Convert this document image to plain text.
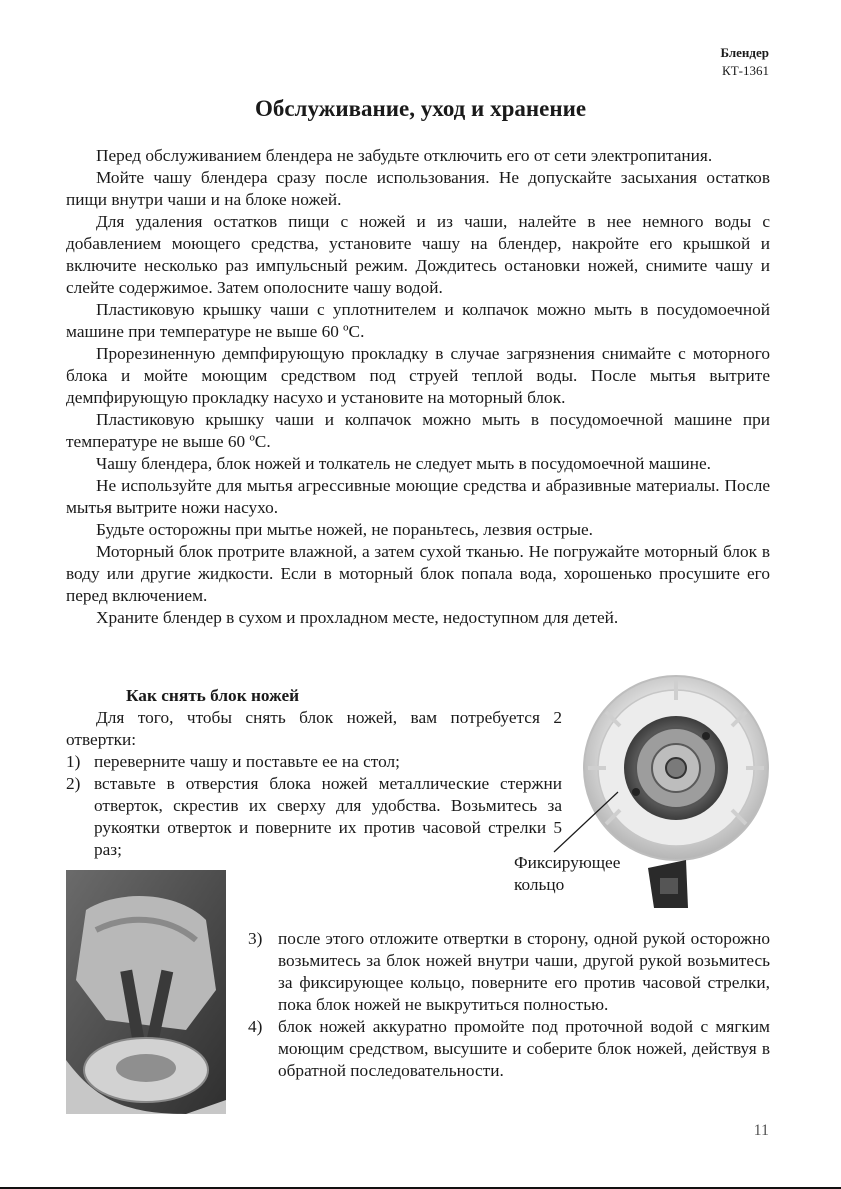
Блендер
КТ-1361
Обслуживание, уход и хранение

Перед обслуживанием блендера не забудьте отключить его от сети электропитания.

Мойте чашу блендера сразу после использования. Не допускайте засыхания остатков пищи внутри чаши и на блоке ножей.

Для удаления остатков пищи с ножей и из чаши, налейте в нее немного воды с добавлением моющего средства, установите чашу на блендер, накройте его крышкой и включите несколько раз импульсный режим. Дождитесь остановки ножей, снимите чашу и слейте содержимое. Затем ополосните чашу водой.

Пластиковую крышку чаши с уплотнителем и колпачок можно мыть в посудомоечной машине при температуре не выше 60 ºС.

Прорезиненную демпфирующую прокладку в случае загрязнения снимайте с моторного блока и мойте моющим средством под струей теплой воды. После мытья вытрите демпфирующую прокладку насухо и установите на моторный блок.

Пластиковую крышку чаши и колпачок можно мыть в посудомоечной машине при температуре не выше 60 ºС.

Чашу блендера, блок ножей и толкатель не следует мыть в посудомоечной машине.

Не используйте для мытья агрессивные моющие средства и абразивные материалы. После мытья вытрите ножи насухо.

Будьте осторожны при мытье ножей, не пораньтесь, лезвия острые.

Моторный блок протрите влажной, а затем сухой тканью. Не погружайте моторный блок в воду или другие жидкости. Если в моторный блок попала вода, хорошенько просушите его перед включением.

Храните блендер в сухом и прохладном месте, недоступном для детей.

Как снять блок ножей

Для того, чтобы снять блок ножей, вам потребуется 2 отвертки:

1) переверните чашу и поставьте ее на стол;
2) вставьте в отверстия блока ножей металлические стержни отверток, скрестив их сверху для удобства. Возьмитесь за рукоятки отверток и поверните их против часовой стрелки 5 раз;
Фиксирующее
кольцо
3) после этого отложите отвертки в сторону, одной рукой осторожно возьмитесь за блок ножей внутри чаши, другой рукой возьмитесь за фиксирующее кольцо, поверните его против часовой стрелки, пока блок ножей не выкрутиться полностью.
4) блок ножей аккуратно промойте под проточной водой с мягким моющим средством, высушите и соберите блок ножей, действуя в обратной последовательности.
11
